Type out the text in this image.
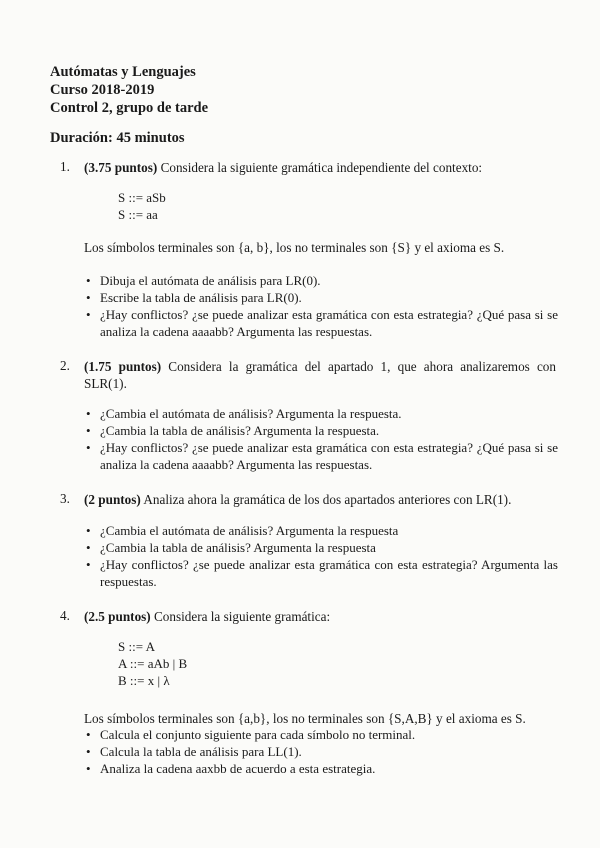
Autómatas y Lenguajes
Curso 2018-2019
Control 2, grupo de tarde
Duración: 45 minutos
1. (3.75 puntos) Considera la siguiente gramática independiente del contexto:
S ::= aSb
S ::= aa
Los símbolos terminales son {a, b}, los no terminales son {S} y el axioma es S.
• Dibuja el autómata de análisis para LR(0).
• Escribe la tabla de análisis para LR(0).
• ¿Hay conflictos? ¿se puede analizar esta gramática con esta estrategia? ¿Qué pasa si se analiza la cadena aaaabb? Argumenta las respuestas.
2. (1.75 puntos) Considera la gramática del apartado 1, que ahora analizaremos con SLR(1).
• ¿Cambia el autómata de análisis? Argumenta la respuesta.
• ¿Cambia la tabla de análisis? Argumenta la respuesta.
• ¿Hay conflictos? ¿se puede analizar esta gramática con esta estrategia? ¿Qué pasa si se analiza la cadena aaaabb? Argumenta las respuestas.
3. (2 puntos) Analiza ahora la gramática de los dos apartados anteriores con LR(1).
• ¿Cambia el autómata de análisis? Argumenta la respuesta
• ¿Cambia la tabla de análisis? Argumenta la respuesta
• ¿Hay conflictos? ¿se puede analizar esta gramática con esta estrategia? Argumenta las respuestas.
4. (2.5 puntos) Considera la siguiente gramática:
S ::= A
A ::= aAb | B
B ::= x | λ
Los símbolos terminales son {a,b}, los no terminales son {S,A,B} y el axioma es S.
• Calcula el conjunto siguiente para cada símbolo no terminal.
• Calcula la tabla de análisis para LL(1).
• Analiza la cadena aaxbb de acuerdo a esta estrategia.
